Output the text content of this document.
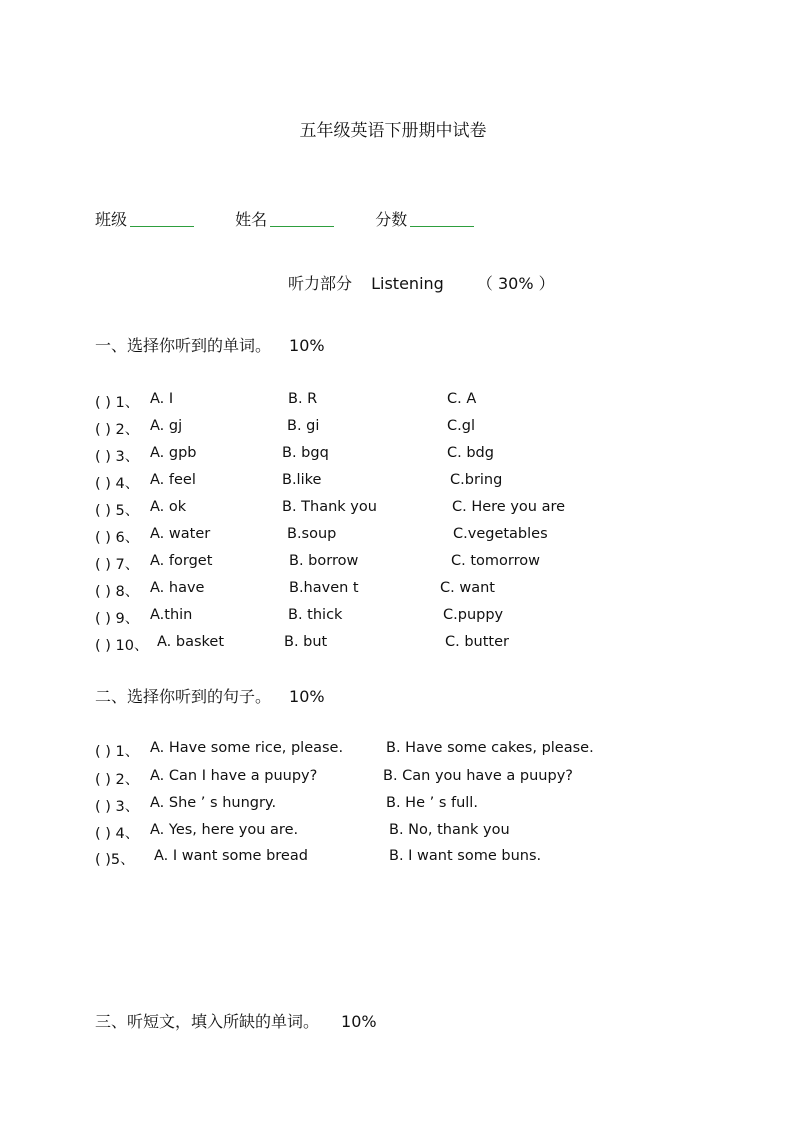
五年级英语下册期中试卷
班级	姓名	分数
听力部分 Listening （ 30% ）
一、选择你听到的单词。 10%
( ) 1、 A. I	B. R	C. A
( ) 2、 A. gj	B. gi	C.gl
( ) 3、 A. gpb	B. bgq	C. bdg
( ) 4、 A. feel	B.like	C.bring
( ) 5、 A. ok	B. Thank you	C. Here you are
( ) 6、 A. water	B.soup	C.vegetables
( ) 7、 A. forget	B. borrow	C. tomorrow
( ) 8、 A. have	B.haven t	C. want
( ) 9、 A.thin	B. thick	C.puppy
( ) 10、 A. basket	B. but	C. butter
二、选择你听到的句子。 10%
( ) 1、 A. Have some rice, please.	B. Have some cakes, please.
( ) 2、 A. Can I have a puupy?	B. Can you have a puupy?
( ) 3、 A. She ’ s hungry.	B. He ’ s full.
( ) 4、 A. Yes, here you are.	B. No, thank you
( )5、 A. I want some bread	B. I want some buns.
三、听短文，填入所缺的单词。 10%
